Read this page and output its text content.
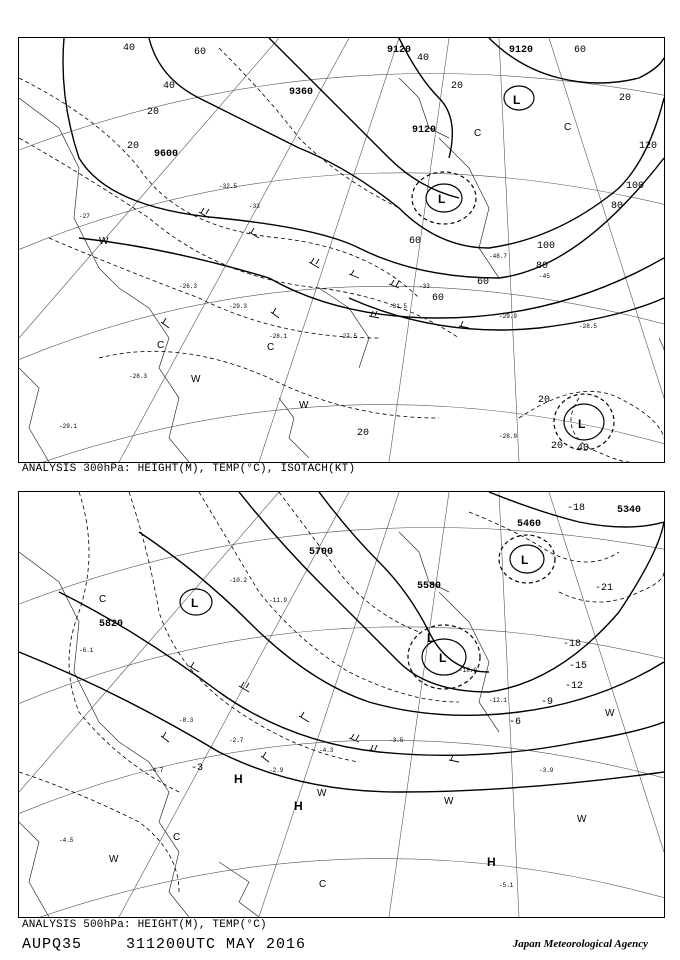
-32.5
-33
-26.3
-29.3
-28.1	-27.5
-31.5
-33
-48.7
-45
-29.9
-28.5
-28.3
-29.1
-28.9
-27
9120	9120
9360
9120
9600
40	60
40
20
20
40
20
60
20
80
100
120
100
80
60
60
60
20
20
20 40
L
L
L
C
C
W
W
W
C
C
ANALYSIS 300hPa: HEIGHT(M), TEMP(°C), ISOTACH(KT)
-10.2
-11.9
-8.3
-2.7
-2.9
-4.3
-3.5
-18.9
-12.1
-3.9
-4.7
-4.5
-5.1
-6.1
5460
5340
5700
5580
5820
-18
-21
-18
-15
-12
-9
-6
-3
L
L
L
L
H
H
H
C
C
W
W
C
W
W
W
ANALYSIS 500hPa: HEIGHT(M), TEMP(°C)
AUPQ35	311200UTC MAY 2016	Japan Meteorological Agency
